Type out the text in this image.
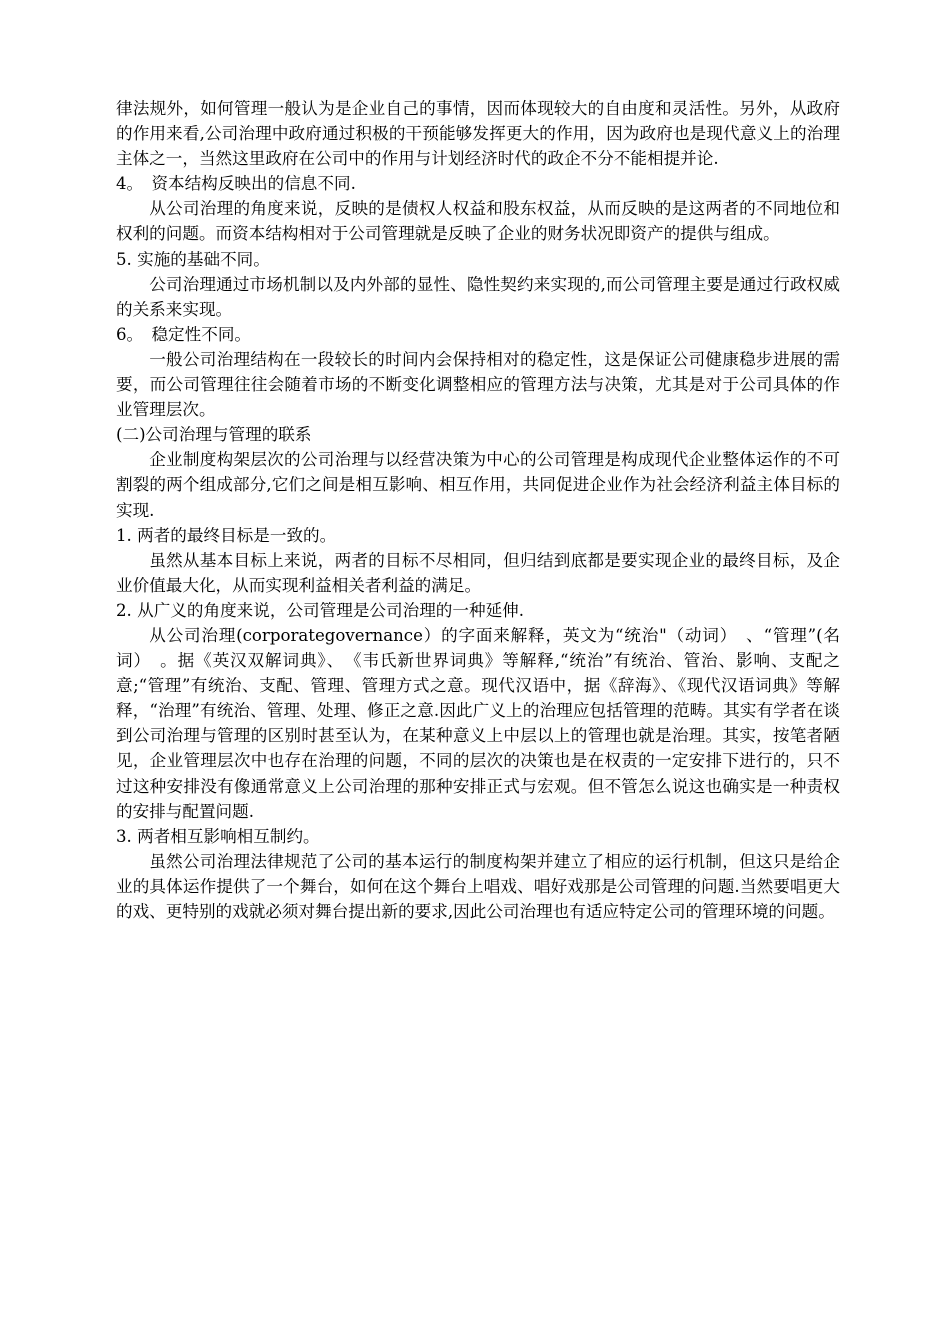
律法规外，如何管理一般认为是企业自己的事情，因而体现较大的自由度和灵活性。另外，从政府的作用来看,公司治理中政府通过积极的干预能够发挥更大的作用，因为政府也是现代意义上的治理主体之一，当然这里政府在公司中的作用与计划经济时代的政企不分不能相提并论.

4。　资本结构反映出的信息不同.

从公司治理的角度来说，反映的是债权人权益和股东权益，从而反映的是这两者的不同地位和权利的问题。而资本结构相对于公司管理就是反映了企业的财务状况即资产的提供与组成。

5. 实施的基础不同。

公司治理通过市场机制以及内外部的显性、隐性契约来实现的,而公司管理主要是通过行政权威的关系来实现。

6。　稳定性不同。

一般公司治理结构在一段较长的时间内会保持相对的稳定性，这是保证公司健康稳步进展的需要，而公司管理往往会随着市场的不断变化调整相应的管理方法与决策，尤其是对于公司具体的作业管理层次。

(二)公司治理与管理的联系

企业制度构架层次的公司治理与以经营决策为中心的公司管理是构成现代企业整体运作的不可割裂的两个组成部分,它们之间是相互影响、相互作用，共同促进企业作为社会经济利益主体目标的实现.

1. 两者的最终目标是一致的。

虽然从基本目标上来说，两者的目标不尽相同，但归结到底都是要实现企业的最终目标，及企业价值最大化，从而实现利益相关者利益的满足。

2. 从广义的角度来说，公司管理是公司治理的一种延伸.

从公司治理(corporategovernance）的字面来解释，英文为“统治"（动词）　、“管理”(名词）　。据《英汉双解词典》、　《韦氏新世界词典》等解释,“统治”有统治、管治、影响、支配之意;“管理”有统治、支配、管理、管理方式之意。现代汉语中，据《辞海》、《现代汉语词典》等解释，“治理”有统治、管理、处理、修正之意.因此广义上的治理应包括管理的范畴。其实有学者在谈到公司治理与管理的区别时甚至认为，在某种意义上中层以上的管理也就是治理。其实，按笔者陋见，企业管理层次中也存在治理的问题，不同的层次的决策也是在权责的一定安排下进行的，只不过这种安排没有像通常意义上公司治理的那种安排正式与宏观。但不管怎么说这也确实是一种责权的安排与配置问题.

3. 两者相互影响相互制约。

虽然公司治理法律规范了公司的基本运行的制度构架并建立了相应的运行机制，但这只是给企业的具体运作提供了一个舞台，如何在这个舞台上唱戏、唱好戏那是公司管理的问题.当然要唱更大的戏、更特别的戏就必须对舞台提出新的要求,因此公司治理也有适应特定公司的管理环境的问题。
